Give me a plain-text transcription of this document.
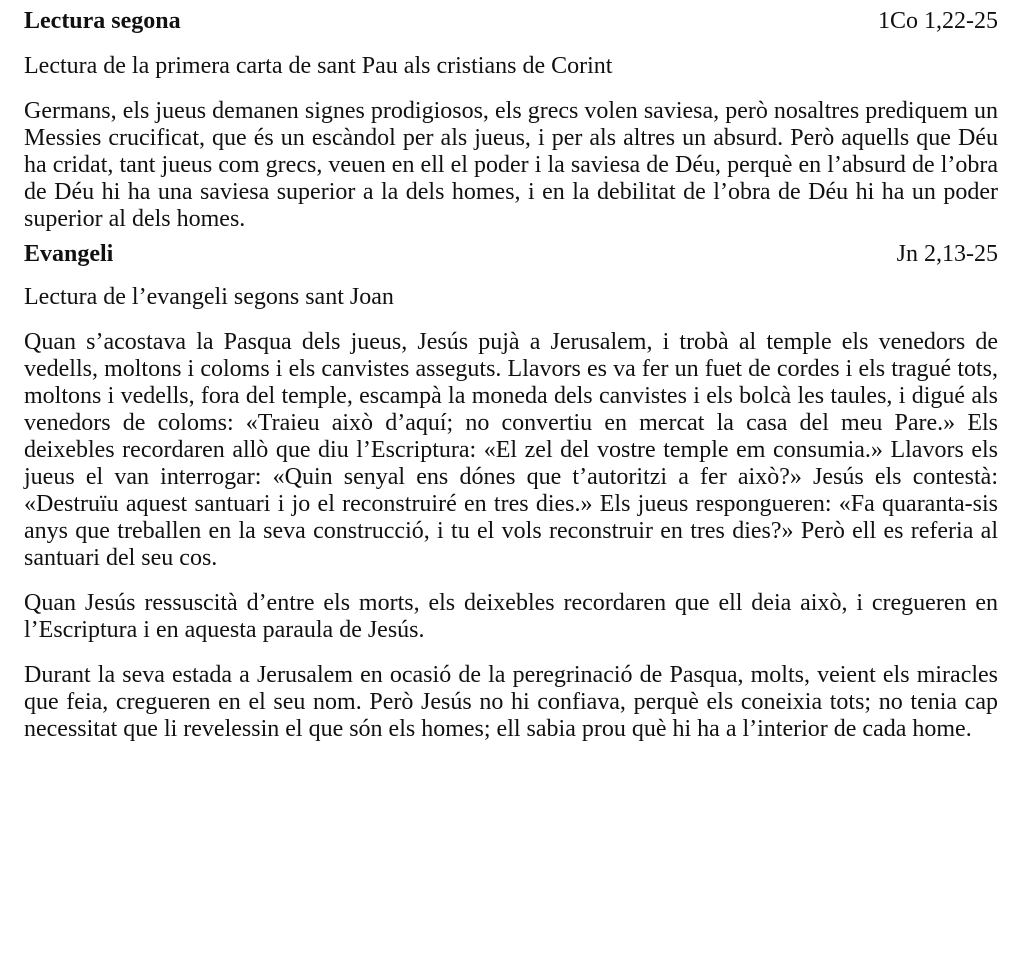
Lectura segona	1Co 1,22-25

Lectura de la primera carta de sant Pau als cristians de Corint

Germans, els jueus demanen signes prodigiosos, els grecs volen saviesa, però nosaltres prediquem un Messies crucificat, que és un escàndol per als jueus, i per als altres un absurd. Però aquells que Déu ha cridat, tant jueus com grecs, veuen en ell el poder i la saviesa de Déu, perquè en l’absurd de l’obra de Déu hi ha una saviesa superior a la dels homes, i en la debilitat de l’obra de Déu hi ha un poder superior al dels homes.

Evangeli	Jn 2,13-25

Lectura de l’evangeli segons sant Joan

Quan s’acostava la Pasqua dels jueus, Jesús pujà a Jerusalem, i trobà al temple els venedors de vedells, moltons i coloms i els canvistes asseguts. Llavors es va fer un fuet de cordes i els tragué tots, moltons i vedells, fora del temple, escampà la moneda dels canvistes i els bolcà les taules, i digué als venedors de coloms: «Traieu això d’aquí; no convertiu en mercat la casa del meu Pare.» Els deixebles recordaren allò que diu l’Escriptura: «El zel del vostre temple em consumia.» Llavors els jueus el van interrogar: «Quin senyal ens dónes que t’autoritzi a fer això?» Jesús els contestà: «Destruïu aquest santuari i jo el reconstruiré en tres dies.» Els jueus respongueren: «Fa quaranta-sis anys que treballen en la seva construcció, i tu el vols reconstruir en tres dies?» Però ell es referia al santuari del seu cos.

Quan Jesús ressuscità d’entre els morts, els deixebles recordaren que ell deia això, i cregueren en l’Escriptura i en aquesta paraula de Jesús.

Durant la seva estada a Jerusalem en ocasió de la peregrinació de Pasqua, molts, veient els miracles que feia, cregueren en el seu nom. Però Jesús no hi confiava, perquè els coneixia tots; no tenia cap necessitat que li revelessin el que són els homes; ell sabia prou què hi ha a l’interior de cada home.
